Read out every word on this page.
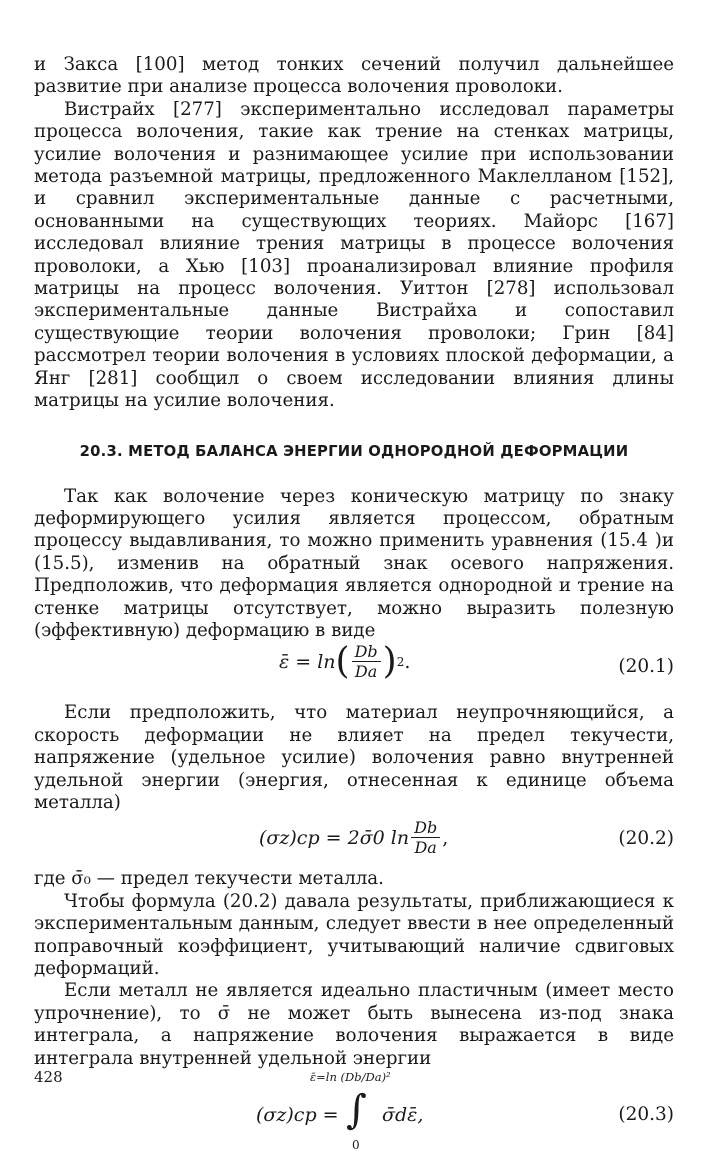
и Закса [100] метод тонких сечений получил дальнейшее развитие при анализе процесса волочения проволоки.

Вистрайх [277] экспериментально исследовал параметры процесса волочения, такие как трение на стенках матрицы, усилие волочения и разнимающее усилие при использовании метода разъемной матрицы, предложенного Маклелланом [152], и сравнил экспериментальные данные с расчетными, основанными на существующих теориях. Майорс [167] исследовал влияние трения матрицы в процессе волочения проволоки, а Хью [103] проанализировал влияние профиля матрицы на процесс волочения. Уиттон [278] использовал экспериментальные данные Вистрайха и сопоставил существующие теории волочения проволоки; Грин [84] рассмотрел теории волочения в условиях плоской деформации, а Янг [281] сообщил о своем исследовании влияния длины матрицы на усилие волочения.

20.3. МЕТОД БАЛАНСА ЭНЕРГИИ ОДНОРОДНОЙ ДЕФОРМАЦИИ

Так как волочение через коническую матрицу по знаку деформирующего усилия является процессом, обратным процессу выдавливания, то можно применить уравнения (15.4 )и (15.5), изменив на обратный знак осевого напряжения. Предположив, что деформация является однородной и трение на стенке матрицы отсутствует, можно выразить полезную (эффективную) деформацию в виде

ε̄ = ln ( $\frac{Db}{Da}$ ) 2 .	(20.1)

Если предположить, что материал неупрочняющийся, а скорость деформации не влияет на предел текучести, напряжение (удельное усилие) волочения равно внутренней удельной энергии (энергия, отнесенная к единице объема металла)

(σz)cp = 2σ̄0 $\ln \frac{Db}{Da}$ ,	(20.2)

где σ̄₀ — предел текучести металла.

Чтобы формула (20.2) давала результаты, приближающиеся к экспериментальным данным, следует ввести в нее определенный поправочный коэффициент, учитывающий наличие сдвиговых деформаций.

Если металл не является идеально пластичным (имеет место упрочнение), то σ̄ не может быть вынесена из-под знака интеграла, а напряжение волочения выражается в виде интеграла внутренней удельной энергии

(σz)cp =
ε̄=ln (Db/Da)²
∫
0
σ̄dε̄,	(20.3)
428
